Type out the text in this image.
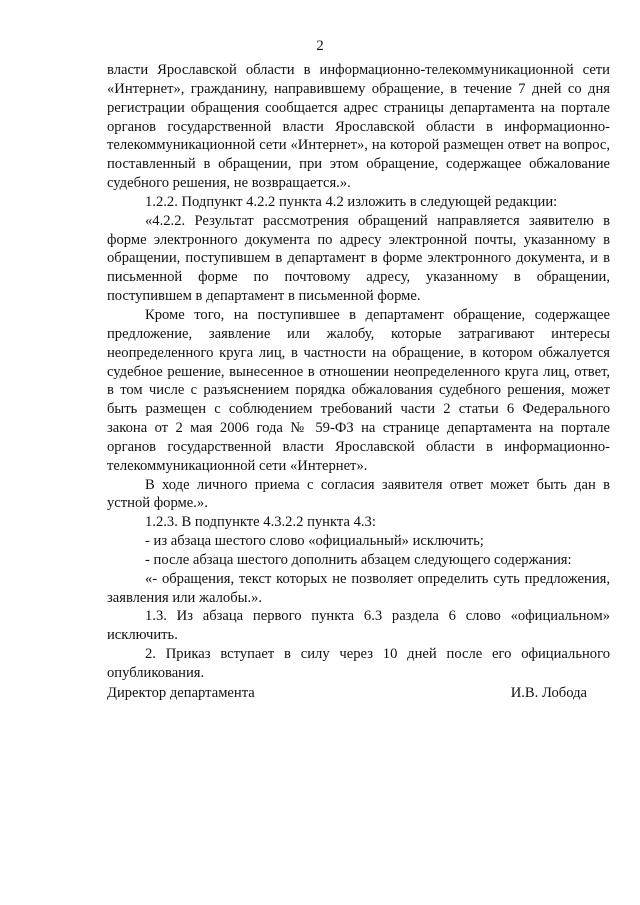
2

власти Ярославской области в информационно-телекоммуникационной сети «Интернет», гражданину, направившему обращение, в течение 7 дней со дня регистрации обращения сообщается адрес страницы департамента на портале органов государственной власти Ярославской области в информационно-телекоммуникационной сети «Интернет», на которой размещен ответ на вопрос, поставленный в обращении, при этом обращение, содержащее обжалование судебного решения, не возвращается.».

1.2.2. Подпункт 4.2.2 пункта 4.2 изложить в следующей редакции:

«4.2.2. Результат рассмотрения обращений направляется заявителю в форме электронного документа по адресу электронной почты, указанному в обращении, поступившем в департамент в форме электронного документа, и в письменной форме по почтовому адресу, указанному в обращении, поступившем в департамент в письменной форме.

Кроме того, на поступившее в департамент обращение, содержащее предложение, заявление или жалобу, которые затрагивают интересы неопределенного круга лиц, в частности на обращение, в котором обжалуется судебное решение, вынесенное в отношении неопределенного круга лиц, ответ, в том числе с разъяснением порядка обжалования судебного решения, может быть размещен с соблюдением требований части 2 статьи 6 Федерального закона от 2 мая 2006 года № 59-ФЗ на странице департамента на портале органов государственной власти Ярославской области в информационно-телекоммуникационной сети «Интернет».

В ходе личного приема с согласия заявителя ответ может быть дан в устной форме.».

1.2.3. В подпункте 4.3.2.2 пункта 4.3:

- из абзаца шестого слово «официальный» исключить;

- после абзаца шестого дополнить абзацем следующего содержания:

«- обращения, текст которых не позволяет определить суть предложения, заявления или жалобы.».

1.3. Из абзаца первого пункта 6.3 раздела 6 слово «официальном» исключить.

2. Приказ вступает в силу через 10 дней после его официального опубликования.

Директор департамента	И.В. Лобода
